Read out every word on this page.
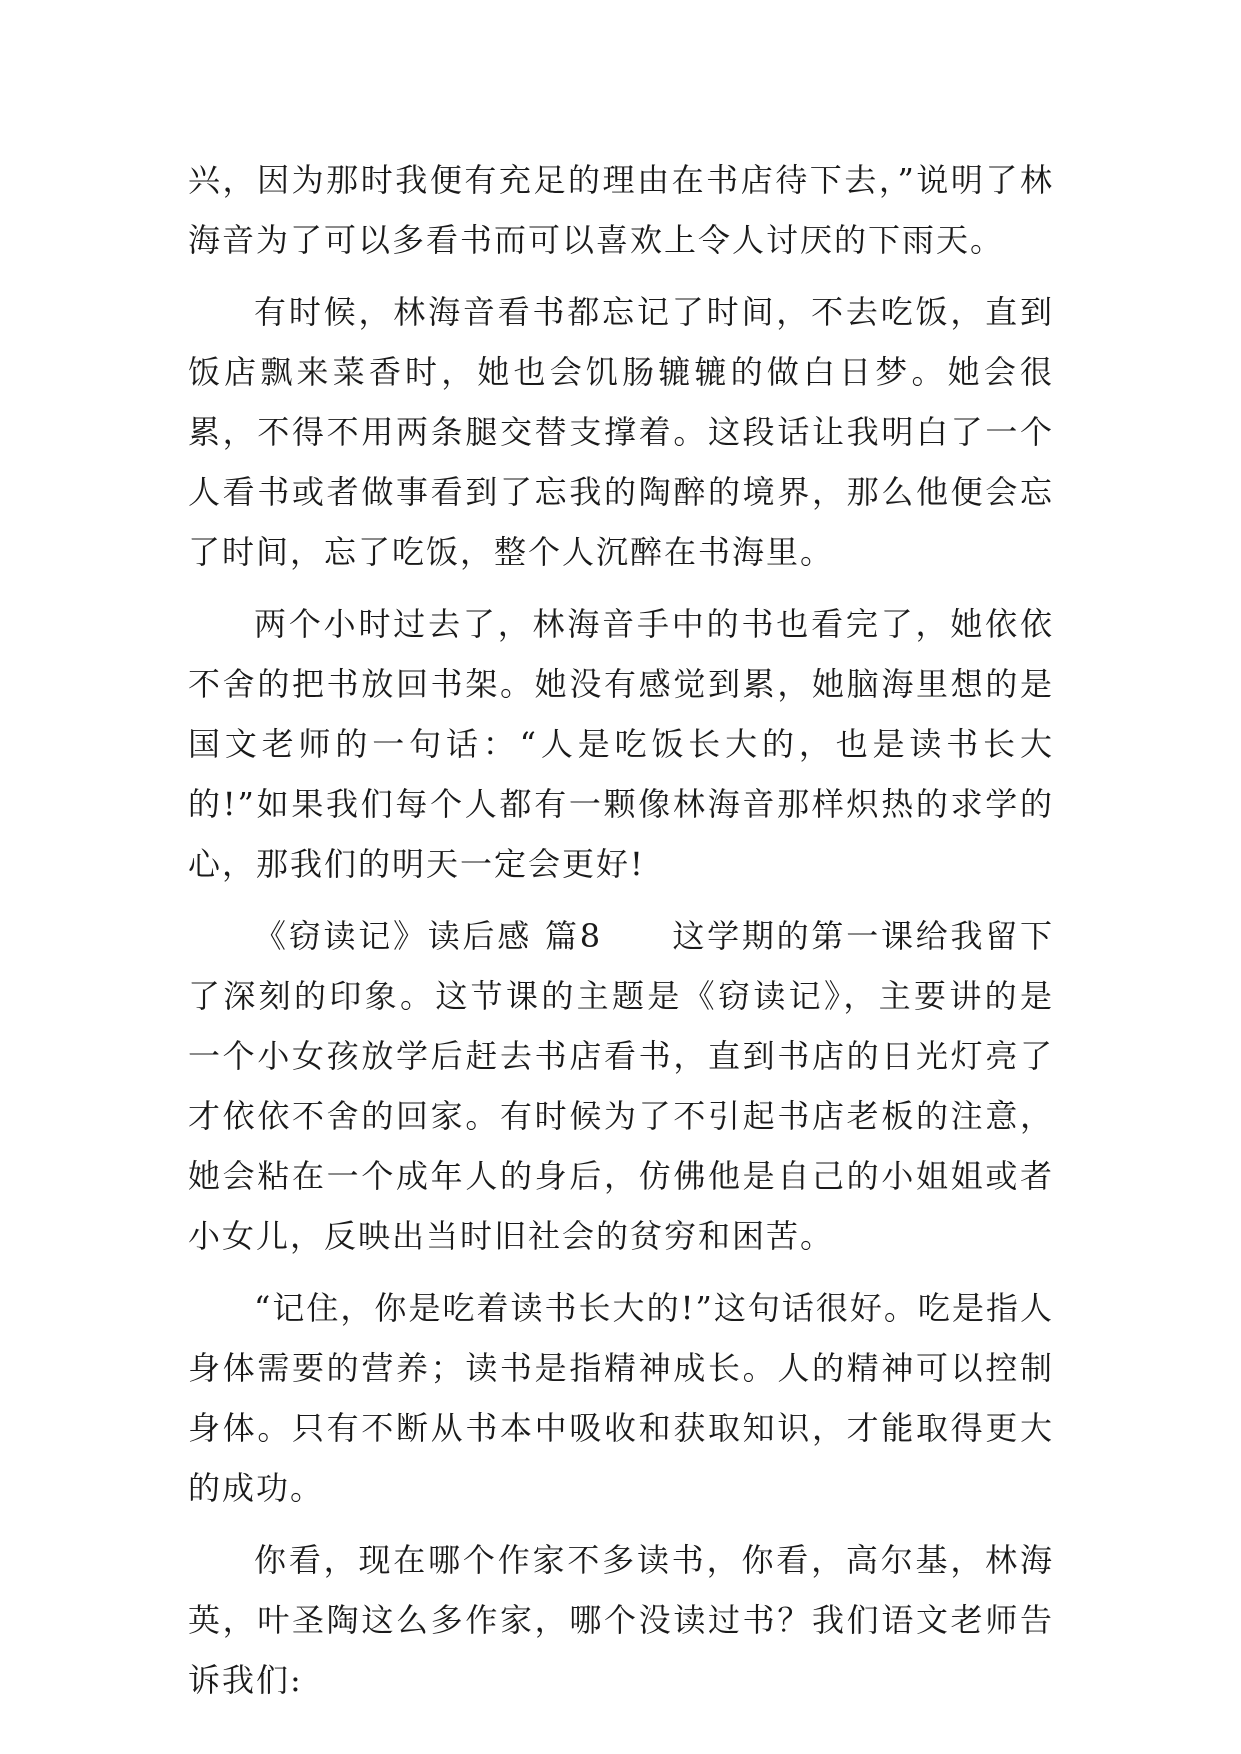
兴，因为那时我便有充足的理由在书店待下去，”说明了林海音为了可以多看书而可以喜欢上令人讨厌的下雨天。

有时候，林海音看书都忘记了时间，不去吃饭，直到饭店飘来菜香时，她也会饥肠辘辘的做白日梦。她会很累，不得不用两条腿交替支撑着。这段话让我明白了一个人看书或者做事看到了忘我的陶醉的境界，那么他便会忘了时间，忘了吃饭，整个人沉醉在书海里。

两个小时过去了，林海音手中的书也看完了，她依依不舍的把书放回书架。她没有感觉到累，她脑海里想的是国文老师的一句话：“人是吃饭长大的，也是读书长大的!”如果我们每个人都有一颗像林海音那样炽热的求学的心，那我们的明天一定会更好!

《窃读记》读后感 篇8　　这学期的第一课给我留下了深刻的印象。这节课的主题是《窃读记》，主要讲的是一个小女孩放学后赶去书店看书，直到书店的日光灯亮了才依依不舍的回家。有时候为了不引起书店老板的注意，她会粘在一个成年人的身后，仿佛他是自己的小姐姐或者小女儿，反映出当时旧社会的贫穷和困苦。

“记住，你是吃着读书长大的!”这句话很好。吃是指人身体需要的营养；读书是指精神成长。人的精神可以控制身体。只有不断从书本中吸收和获取知识，才能取得更大的成功。

你看，现在哪个作家不多读书，你看，高尔基，林海英，叶圣陶这么多作家，哪个没读过书？我们语文老师告诉我们:
